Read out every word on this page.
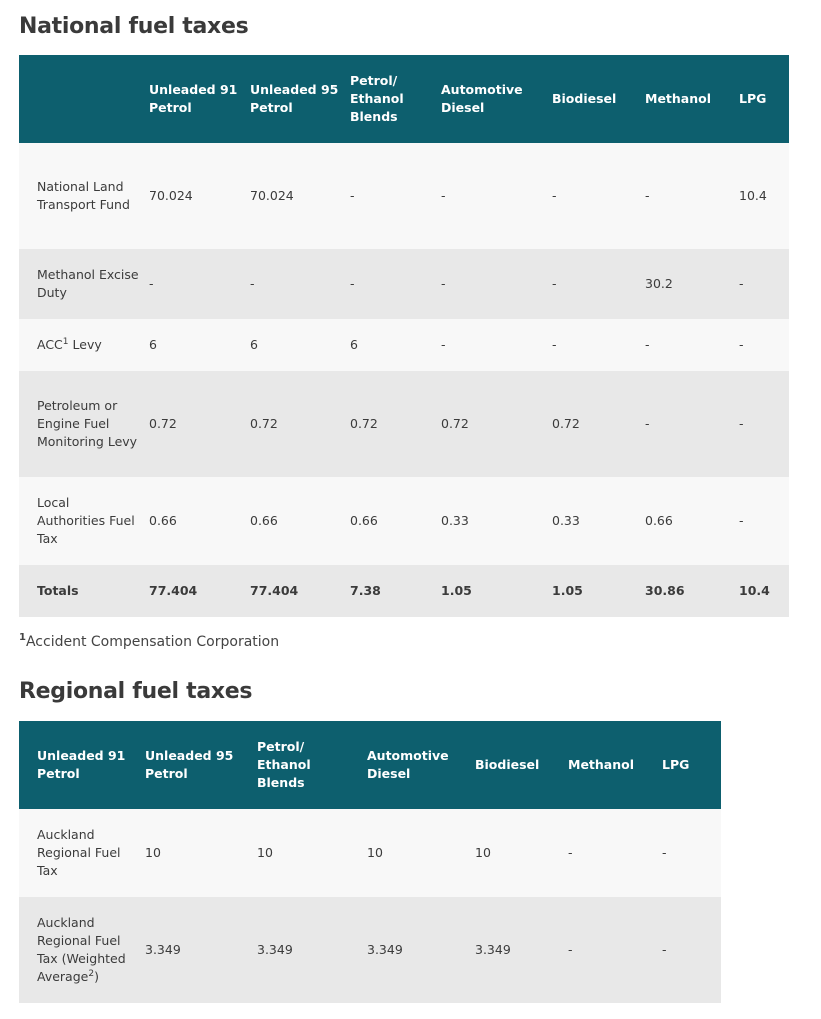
National fuel taxes
	Unleaded 91 Petrol	Unleaded 95 Petrol	Petrol/ Ethanol Blends	Automotive Diesel	Biodiesel	Methanol	LPG
National Land Transport Fund	70.024	70.024	-	-	-	-	10.4
Methanol Excise Duty	-	-	-	-	-	30.2	-
ACC$^1$ Levy	6	6	6	-	-	-	-
Petroleum or Engine Fuel Monitoring Levy	0.72	0.72	0.72	0.72	0.72	-	-
Local Authorities Fuel Tax	0.66	0.66	0.66	0.33	0.33	0.66	-
Totals	77.404	77.404	7.38	1.05	1.05	30.86	10.4

$^1$Accident Compensation Corporation

Regional fuel taxes
Unleaded 91 Petrol	Unleaded 95 Petrol	Petrol/ Ethanol Blends	Automotive Diesel	Biodiesel	Methanol	LPG
Auckland Regional Fuel Tax	10	10	10	10	-	-
Auckland Regional Fuel Tax (Weighted Average$^2$)	3.349	3.349	3.349	3.349	-	-
